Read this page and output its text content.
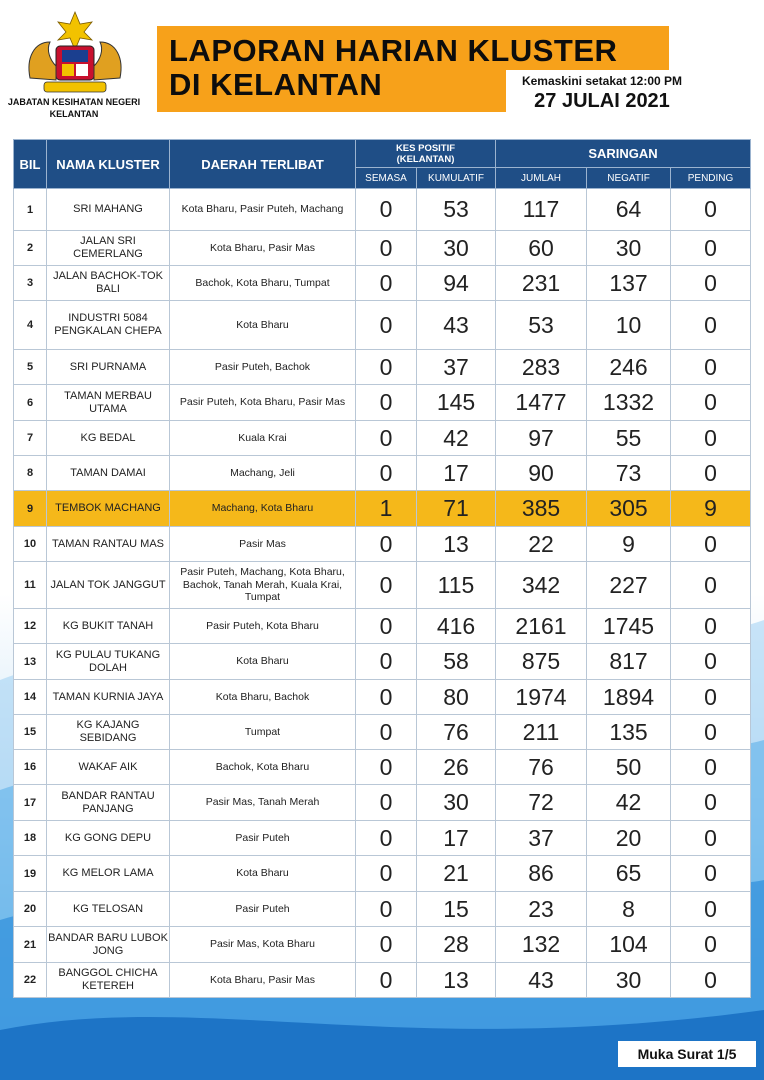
JABATAN KESIHATAN NEGERI KELANTAN
LAPORAN HARIAN KLUSTER
DI KELANTAN	Kemaskini setakat 12:00 PM
27 JULAI 2021
BIL	NAMA KLUSTER	DAERAH TERLIBAT	KES POSITIF (KELANTAN)		SARINGAN		
			SEMASA	KUMULATIF	JUMLAH	NEGATIF	PENDING
1	SRI MAHANG	Kota Bharu, Pasir Puteh, Machang	0	53	117	64	0
2	JALAN SRI CEMERLANG	Kota Bharu, Pasir Mas	0	30	60	30	0
3	JALAN BACHOK-TOK BALI	Bachok, Kota Bharu, Tumpat	0	94	231	137	0
4	INDUSTRI 5084 PENGKALAN CHEPA	Kota Bharu	0	43	53	10	0
5	SRI PURNAMA	Pasir Puteh, Bachok	0	37	283	246	0
6	TAMAN MERBAU UTAMA	Pasir Puteh, Kota Bharu, Pasir Mas	0	145	1477	1332	0
7	KG BEDAL	Kuala Krai	0	42	97	55	0
8	TAMAN DAMAI	Machang, Jeli	0	17	90	73	0
9	TEMBOK MACHANG	Machang, Kota Bharu	1	71	385	305	9
10	TAMAN RANTAU MAS	Pasir Mas	0	13	22	9	0
11	JALAN TOK JANGGUT	Pasir Puteh, Machang, Kota Bharu, Bachok, Tanah Merah, Kuala Krai, Tumpat	0	115	342	227	0
12	KG BUKIT TANAH	Pasir Puteh, Kota Bharu	0	416	2161	1745	0
13	KG PULAU TUKANG DOLAH	Kota Bharu	0	58	875	817	0
14	TAMAN KURNIA JAYA	Kota Bharu, Bachok	0	80	1974	1894	0
15	KG KAJANG SEBIDANG	Tumpat	0	76	211	135	0
16	WAKAF AIK	Bachok, Kota Bharu	0	26	76	50	0
17	BANDAR RANTAU PANJANG	Pasir Mas, Tanah Merah	0	30	72	42	0
18	KG GONG DEPU	Pasir Puteh	0	17	37	20	0
19	KG MELOR LAMA	Kota Bharu	0	21	86	65	0
20	KG TELOSAN	Pasir Puteh	0	15	23	8	0
21	BANDAR BARU LUBOK JONG	Pasir Mas, Kota Bharu	0	28	132	104	0
22	BANGGOL CHICHA KETEREH	Kota Bharu, Pasir Mas	0	13	43	30	0
Muka Surat 1/5
